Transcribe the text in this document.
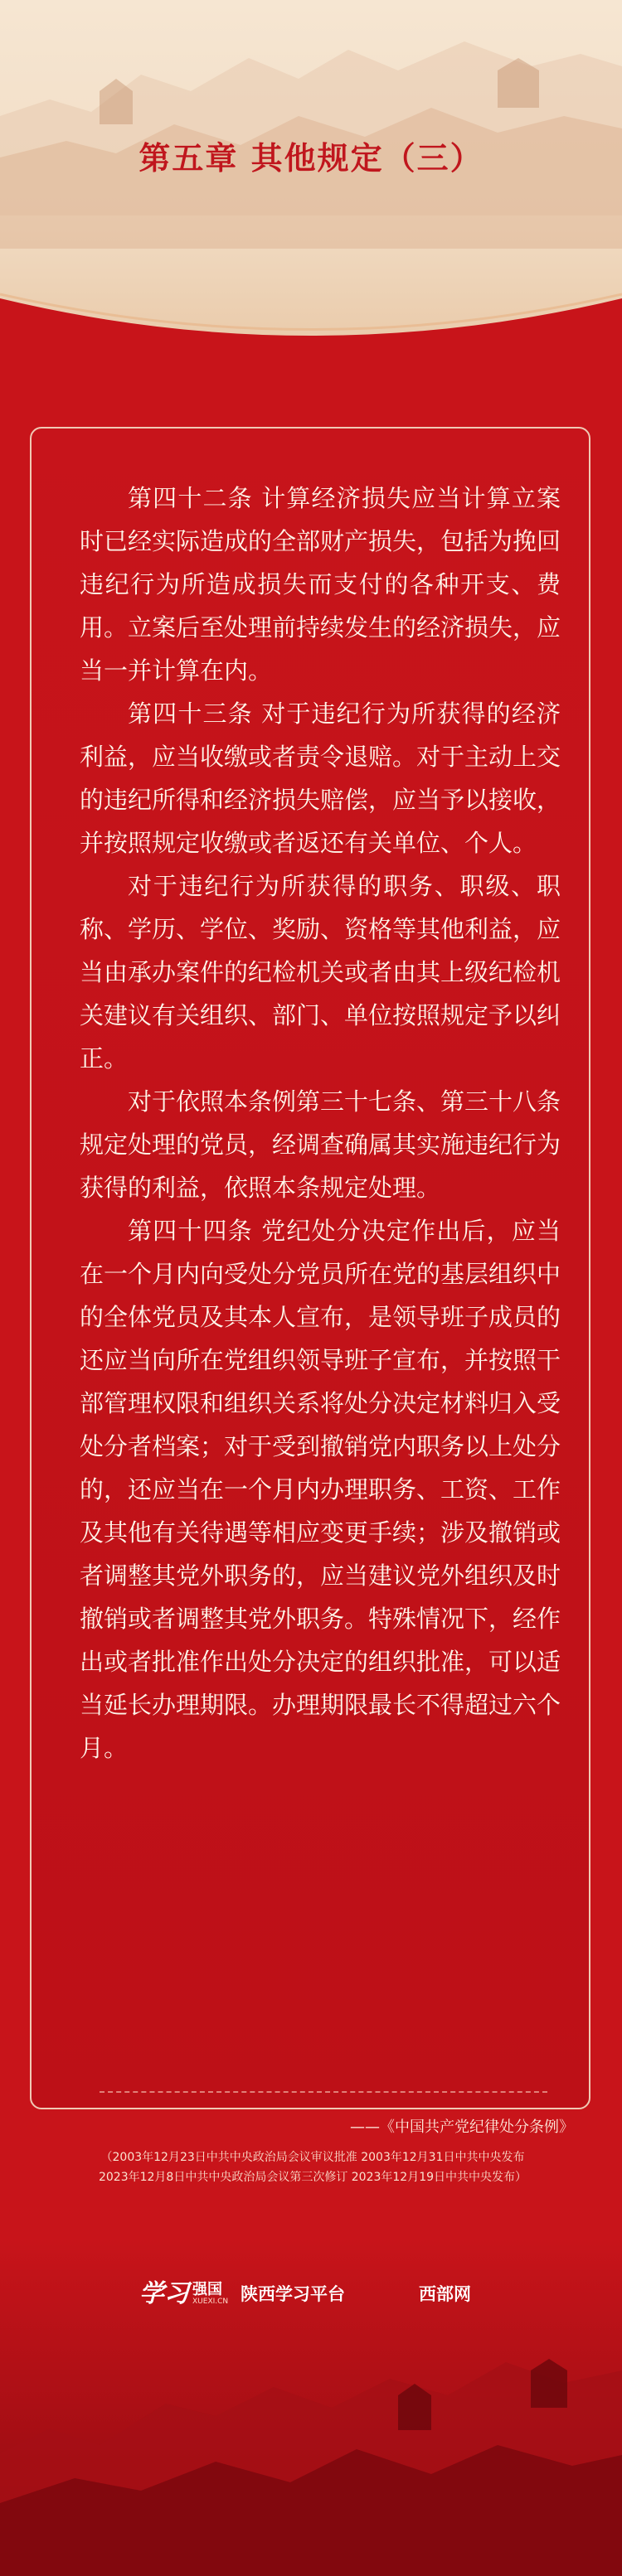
第五章 其他规定（三）

第四十二条 计算经济损失应当计算立案时已经实际造成的全部财产损失，包括为挽回违纪行为所造成损失而支付的各种开支、费用。立案后至处理前持续发生的经济损失，应当一并计算在内。

第四十三条 对于违纪行为所获得的经济利益，应当收缴或者责令退赔。对于主动上交的违纪所得和经济损失赔偿，应当予以接收，并按照规定收缴或者返还有关单位、个人。

对于违纪行为所获得的职务、职级、职称、学历、学位、奖励、资格等其他利益，应当由承办案件的纪检机关或者由其上级纪检机关建议有关组织、部门、单位按照规定予以纠正。

对于依照本条例第三十七条、第三十八条规定处理的党员，经调查确属其实施违纪行为获得的利益，依照本条规定处理。

第四十四条 党纪处分决定作出后，应当在一个月内向受处分党员所在党的基层组织中的全体党员及其本人宣布，是领导班子成员的还应当向所在党组织领导班子宣布，并按照干部管理权限和组织关系将处分决定材料归入受处分者档案；对于受到撤销党内职务以上处分的，还应当在一个月内办理职务、工资、工作及其他有关待遇等相应变更手续；涉及撤销或者调整其党外职务的，应当建议党外组织及时撤销或者调整其党外职务。特殊情况下，经作出或者批准作出处分决定的组织批准，可以适当延长办理期限。办理期限最长不得超过六个月。

——《中国共产党纪律处分条例》
（2003年12月23日中共中央政治局会议审议批准 2003年12月31日中共中央发布
2023年12月8日中共中央政治局会议第三次修订 2023年12月19日中共中央发布）
学习 强国
XUEXI.CN 陕西学习平台	西部网
